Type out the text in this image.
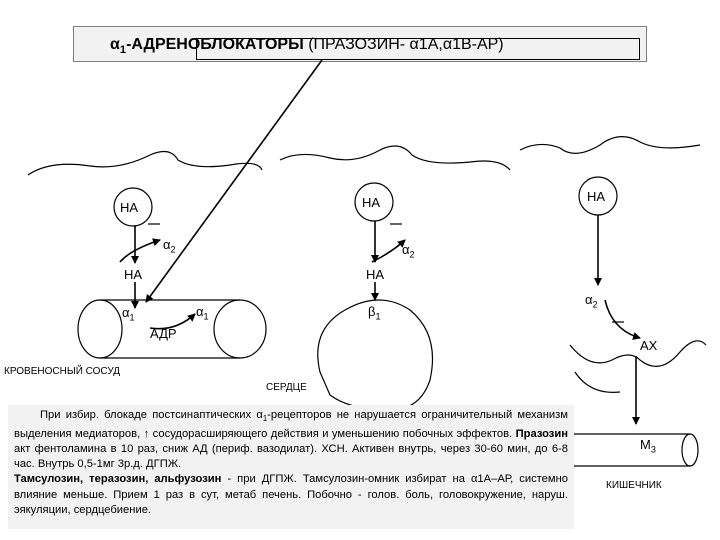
$\alpha_1$-АДРЕНОБЛОКАТОРЫ (ПРАЗОЗИН- α1А,α1В-АР)
НА	НА	НА
$\alpha_2$	$\alpha_2$
$\alpha_2$
НА	НА
$\alpha_1$	$\alpha_1$
АДР
$\beta_1$
АХ
$М_3$
КРОВЕНОСНЫЙ СОСУД
СЕРДЦЕ
КИШЕЧНИК

При избир. блокаде постсинаптических $\alpha_1$-рецепторов не нарушается ограничительный механизм выделения медиаторов, ↑ сосудорасширяющего действия и уменьшению побочных эффектов. Празозин акт фентоламина в 10 раз, сниж АД (периф. вазодилат). ХСН. Активен внутрь, через 30-60 мин, до 6-8 час. Внутрь 0,5-1мг 3р.д. ДГПЖ.

Тамсулозин, теразозин, альфузозин - при ДГПЖ. Тамсулозин-омник избират на α1А–АР, системно влияние меньше. Прием 1 раз в сут, метаб печень. Побочно - голов. боль, головокружение, наруш. эякуляции, сердцебиение.
